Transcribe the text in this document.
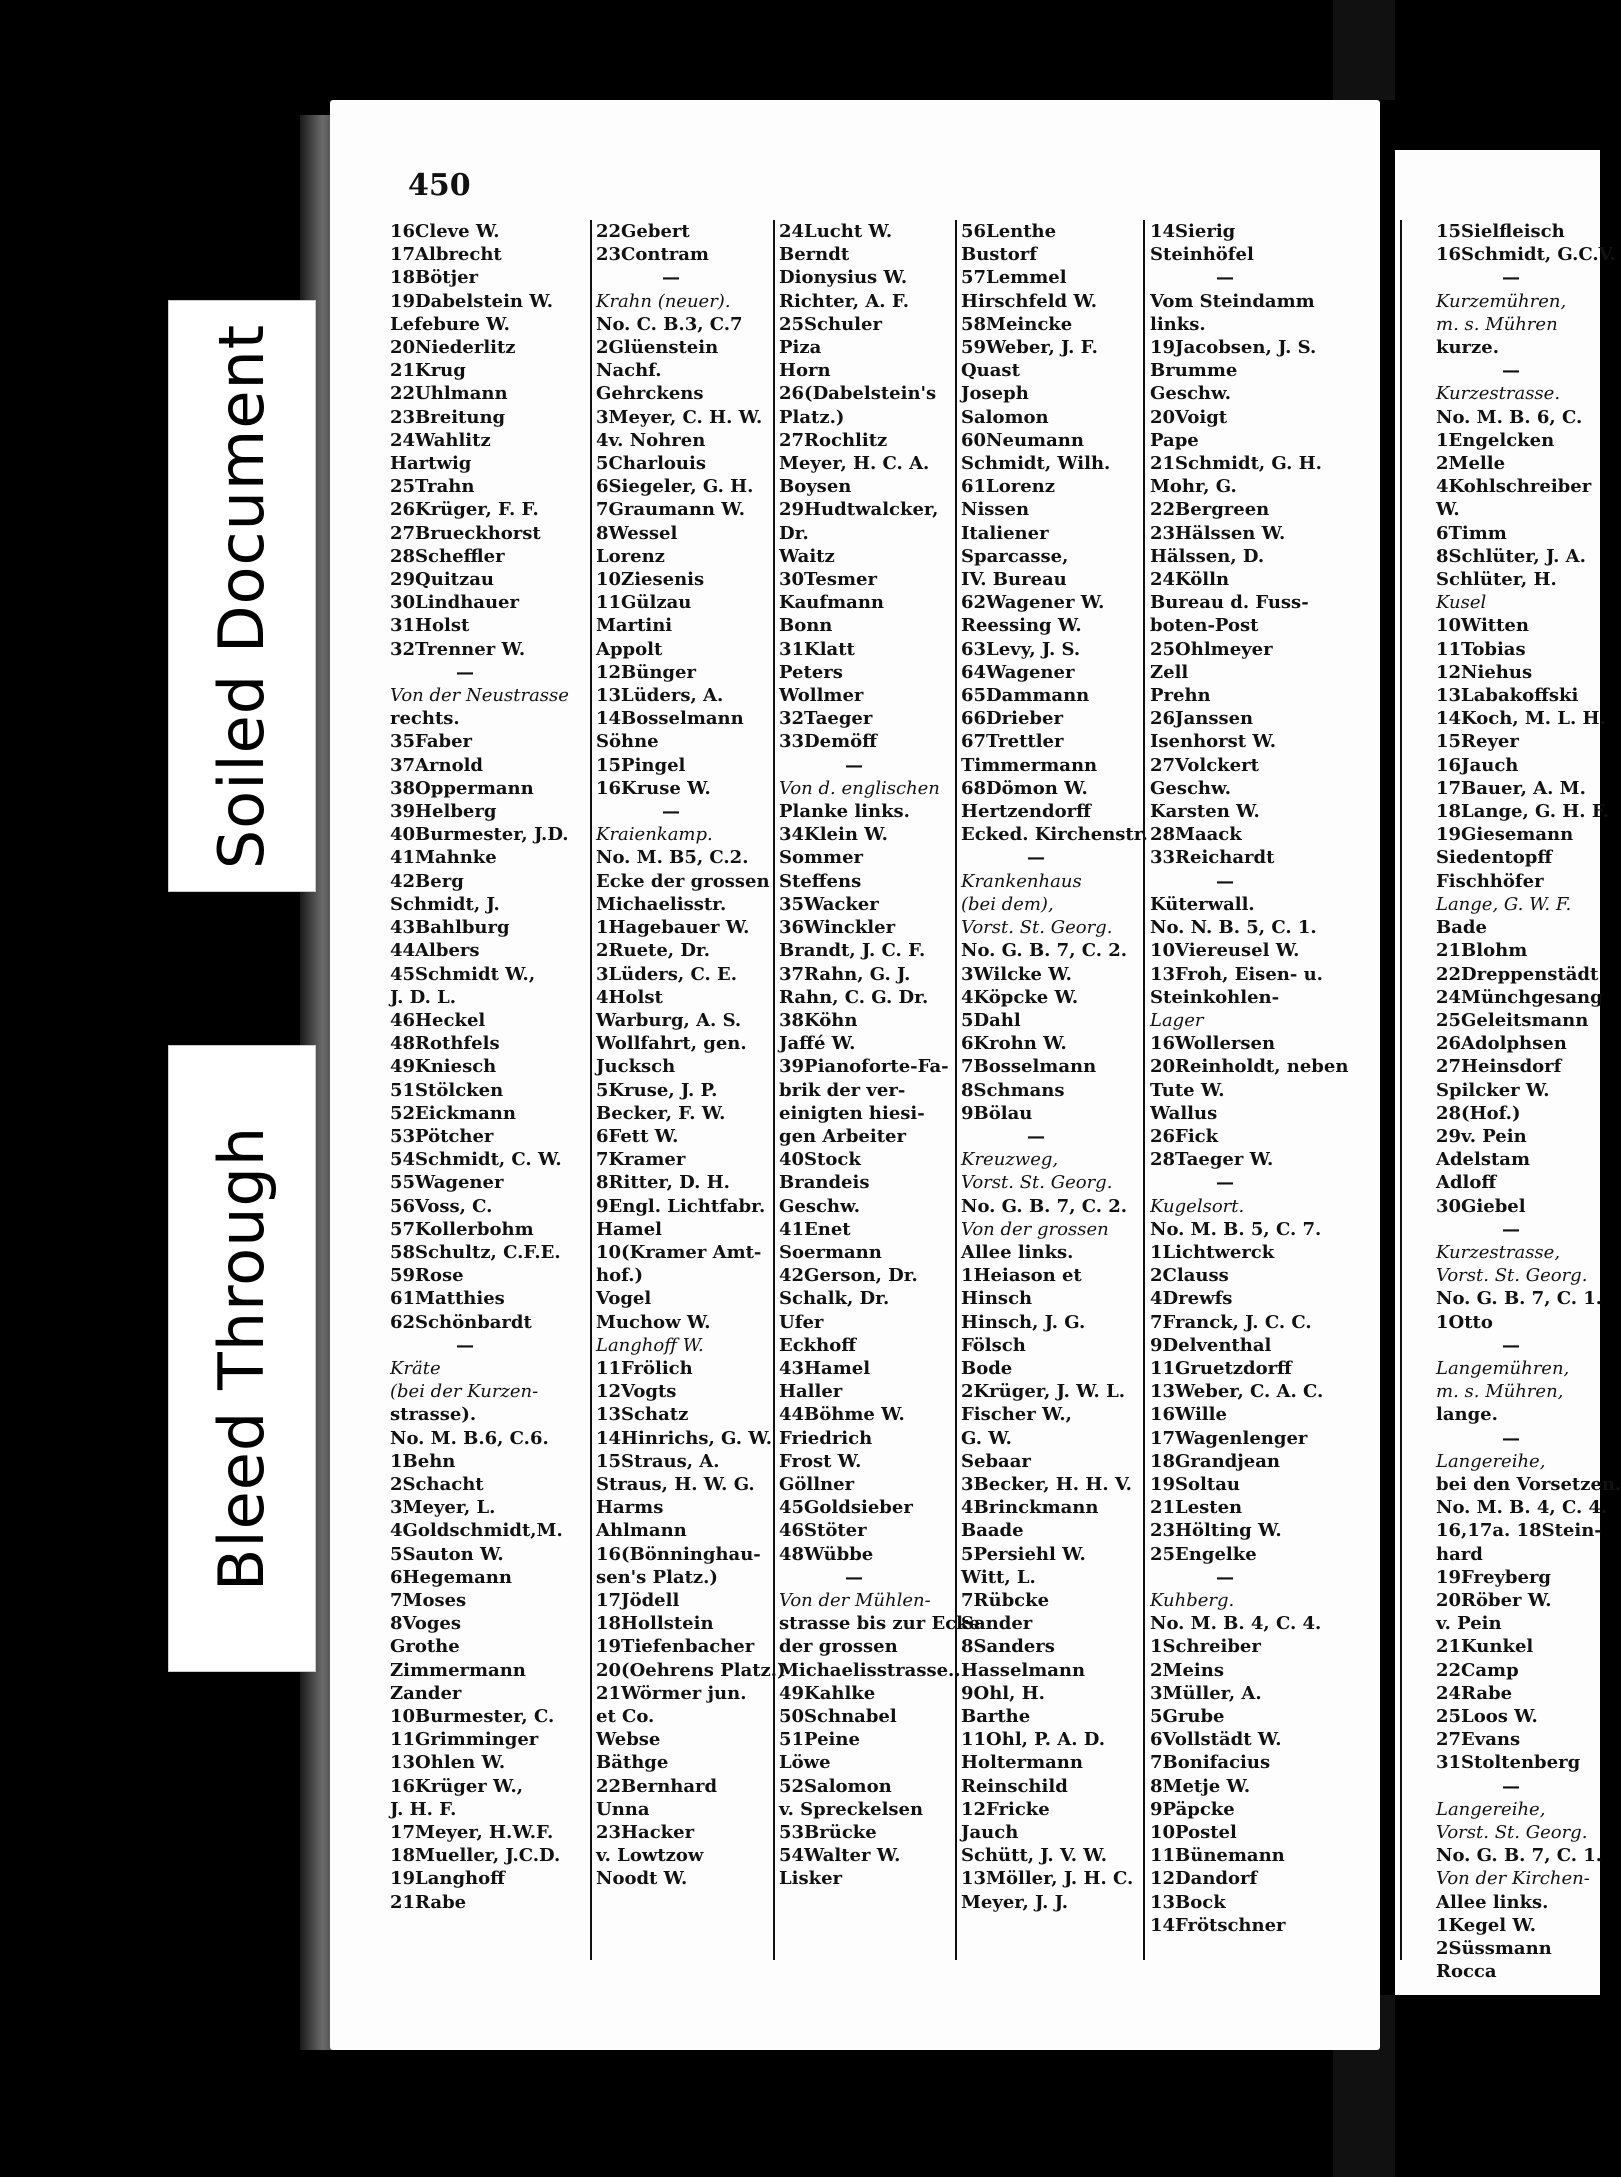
Soiled Document
Bleed Through
450
16Cleve W.
17Albrecht
18Bötjer
19Dabelstein W.
Lefebure W.
20Niederlitz
21Krug
22Uhlmann
23Breitung
24Wahlitz
Hartwig
25Trahn
26Krüger, F. F.
27Brueckhorst
28Scheffler
29Quitzau
30Lindhauer
31Holst
32Trenner W.
—
Von der Neustrasse
rechts.
35Faber
37Arnold
38Oppermann
39Helberg
40Burmester, J.D.
41Mahnke
42Berg
Schmidt, J.
43Bahlburg
44Albers
45Schmidt W.,
J. D. L.
46Heckel
48Rothfels
49Kniesch
51Stölcken
52Eickmann
53Pötcher
54Schmidt, C. W.
55Wagener
56Voss, C.
57Kollerbohm
58Schultz, C.F.E.
59Rose
61Matthies
62Schönbardt
—
Kräte
(bei der Kurzen-
strasse).
No. M. B.6, C.6.
1Behn
2Schacht
3Meyer, L.
4Goldschmidt,M.
5Sauton W.
6Hegemann
7Moses
8Voges
Grothe
Zimmermann
Zander
10Burmester, C.
11Grimminger
13Ohlen W.
16Krüger W.,
J. H. F.
17Meyer, H.W.F.
18Mueller, J.C.D.
19Langhoff
21Rabe
22Gebert
23Contram
—
Krahn (neuer).
No. C. B.3, C.7
2Glüenstein
Nachf.
Gehrckens
3Meyer, C. H. W.
4v. Nohren
5Charlouis
6Siegeler, G. H.
7Graumann W.
8Wessel
Lorenz
10Ziesenis
11Gülzau
Martini
Appolt
12Bünger
13Lüders, A.
14Bosselmann
Söhne
15Pingel
16Kruse W.
—
Kraienkamp.
No. M. B5, C.2.
Ecke der grossen
Michaelisstr.
1Hagebauer W.
2Ruete, Dr.
3Lüders, C. E.
4Holst
Warburg, A. S.
Wollfahrt, gen.
Jucksch
5Kruse, J. P.
Becker, F. W.
6Fett W.
7Kramer
8Ritter, D. H.
9Engl. Lichtfabr.
Hamel
10(Kramer Amt-
hof.)
Vogel
Muchow W.
Langhoff W.
11Frölich
12Vogts
13Schatz
14Hinrichs, G. W.
15Straus, A.
Straus, H. W. G.
Harms
Ahlmann
16(Bönninghau-
sen's Platz.)
17Jödell
18Hollstein
19Tiefenbacher
20(Oehrens Platz.)
21Wörmer jun.
et Co.
Webse
Bäthge
22Bernhard
Unna
23Hacker
v. Lowtzow
Noodt W.
24Lucht W.
Berndt
Dionysius W.
Richter, A. F.
25Schuler
Piza
Horn
26(Dabelstein's
Platz.)
27Rochlitz
Meyer, H. C. A.
Boysen
29Hudtwalcker,
Dr.
Waitz
30Tesmer
Kaufmann
Bonn
31Klatt
Peters
Wollmer
32Taeger
33Demöff
—
Von d. englischen
Planke links.
34Klein W.
Sommer
Steffens
35Wacker
36Winckler
Brandt, J. C. F.
37Rahn, G. J.
Rahn, C. G. Dr.
38Köhn
Jaffé W.
39Pianoforte-Fa-
brik der ver-
einigten hiesi-
gen Arbeiter
40Stock
Brandeis
Geschw.
41Enet
Soermann
42Gerson, Dr.
Schalk, Dr.
Ufer
Eckhoff
43Hamel
Haller
44Böhme W.
Friedrich
Frost W.
Göllner
45Goldsieber
46Stöter
48Wübbe
—
Von der Mühlen-
strasse bis zur Ecke
der grossen
Michaelisstrasse..
49Kahlke
50Schnabel
51Peine
Löwe
52Salomon
v. Spreckelsen
53Brücke
54Walter W.
Lisker
56Lenthe
Bustorf
57Lemmel
Hirschfeld W.
58Meincke
59Weber, J. F.
Quast
Joseph
Salomon
60Neumann
Schmidt, Wilh.
61Lorenz
Nissen
Italiener
Sparcasse,
IV. Bureau
62Wagener W.
Reessing W.
63Levy, J. S.
64Wagener
65Dammann
66Drieber
67Trettler
Timmermann
68Dömon W.
Hertzendorff
Ecked. Kirchenstr.
—
Krankenhaus
(bei dem),
Vorst. St. Georg.
No. G. B. 7, C. 2.
3Wilcke W.
4Köpcke W.
5Dahl
6Krohn W.
7Bosselmann
8Schmans
9Bölau
—
Kreuzweg,
Vorst. St. Georg.
No. G. B. 7, C. 2.
Von der grossen
Allee links.
1Heiason et
Hinsch
Hinsch, J. G.
Fölsch
Bode
2Krüger, J. W. L.
Fischer W.,
G. W.
Sebaar
3Becker, H. H. V.
4Brinckmann
Baade
5Persiehl W.
Witt, L.
7Rübcke
Sander
8Sanders
Hasselmann
9Ohl, H.
Barthe
11Ohl, P. A. D.
Holtermann
Reinschild
12Fricke
Jauch
Schütt, J. V. W.
13Möller, J. H. C.
Meyer, J. J.
14Sierig
Steinhöfel
—
Vom Steindamm
links.
19Jacobsen, J. S.
Brumme
Geschw.
20Voigt
Pape
21Schmidt, G. H.
Mohr, G.
22Bergreen
23Hälssen W.
Hälssen, D.
24Kölln
Bureau d. Fuss-
boten-Post
25Ohlmeyer
Zell
Prehn
26Janssen
Isenhorst W.
27Volckert
Geschw.
Karsten W.
28Maack
33Reichardt
—
Küterwall.
No. N. B. 5, C. 1.
10Viereusel W.
13Froh, Eisen- u.
Steinkohlen-
Lager
16Wollersen
20Reinholdt, neben
Tute W.
Wallus
26Fick
28Taeger W.
—
Kugelsort.
No. M. B. 5, C. 7.
1Lichtwerck
2Clauss
4Drewfs
7Franck, J. C. C.
9Delventhal
11Gruetzdorff
13Weber, C. A. C.
16Wille
17Wagenlenger
18Grandjean
19Soltau
21Lesten
23Hölting W.
25Engelke
—
Kuhberg.
No. M. B. 4, C. 4.
1Schreiber
2Meins
3Müller, A.
5Grube
6Vollstädt W.
7Bonifacius
8Metje W.
9Päpcke
10Postel
11Bünemann
12Dandorf
13Bock
14Frötschner
15Sielfleisch
16Schmidt, G.C.V.
—
Kurzemühren,
m. s. Mühren
kurze.
—
Kurzestrasse.
No. M. B. 6, C.
1Engelcken
2Melle
4Kohlschreiber
W.
6Timm
8Schlüter, J. A.
Schlüter, H.
Kusel
10Witten
11Tobias
12Niehus
13Labakoffski
14Koch, M. L. H.
15Reyer
16Jauch
17Bauer, A. M.
18Lange, G. H. F.
19Giesemann
Siedentopff
Fischhöfer
Lange, G. W. F.
Bade
21Blohm
22Dreppenstädt
24Münchgesang
25Geleitsmann
26Adolphsen
27Heinsdorf
Spilcker W.
28(Hof.)
29v. Pein
Adelstam
Adloff
30Giebel
—
Kurzestrasse,
Vorst. St. Georg.
No. G. B. 7, C. 1.
1Otto
—
Langemühren,
m. s. Mühren,
lange.
—
Langereihe,
bei den Vorsetzen.
No. M. B. 4, C. 4.
16,17a. 18Stein-
hard
19Freyberg
20Röber W.
v. Pein
21Kunkel
22Camp
24Rabe
25Loos W.
27Evans
31Stoltenberg
—
Langereihe,
Vorst. St. Georg.
No. G. B. 7, C. 1.
Von der Kirchen-
Allee links.
1Kegel W.
2Süssmann
Rocca
